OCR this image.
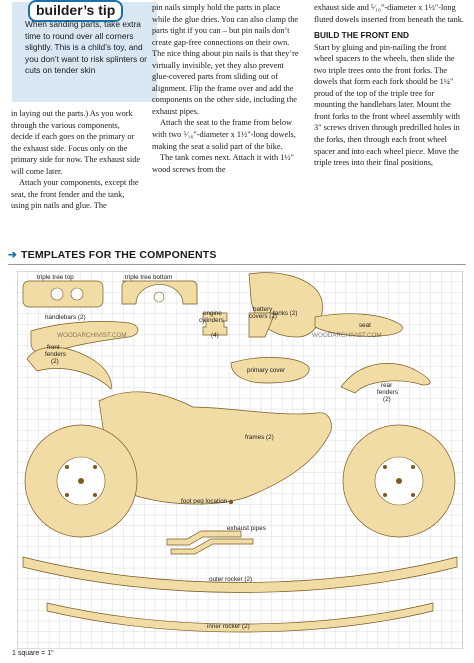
builder’s tip
When sanding parts, take extra time to round over all corners slightly. This is a child’s toy, and you don’t want to risk splinters or cuts on tender skin

in laying out the parts.) As you work through the various components, decide if each goes on the primary or the exhaust side. Focus only on the primary side for now. The exhaust side will come later.

Attach your components, except the seat, the front fender and the tank, using pin nails and glue. The

pin nails simply hold the parts in place while the glue dries. You can also clamp the parts tight if you can – but pin nails don’t create gap-free connections on their own. The nice thing about pin nails is that they’re virtually invisible, yet they also prevent glue-covered parts from sliding out of alignment. Flip the frame over and add the components on the other side, including the exhaust pipes.

Attach the seat to the frame from below with two ⁵⁄₁₆"-diameter x 1½"-long dowels, making the seat a solid part of the bike.

The tank comes next. Attach it with 1½" wood screws from the

exhaust side and ⁵⁄₁₆"-diameter x 1½"-long fluted dowels inserted from beneath the tank.

BUILD THE FRONT END

Start by gluing and pin-nailing the front wheel spacers to the wheels, then slide the two triple trees onto the front forks. The dowels that form each fork should be 1¼" proud of the top of the triple tree for mounting the handlebars later. Mount the front forks to the front wheel assembly with 3" screws driven through predrilled holes in the forks, then through each front wheel spacer and into each wheel piece. Move the triple trees into their final positions,

➔ TEMPLATES FOR THE COMPONENTS
WOODARCHIVIST.COM	WOODARCHIVIST.COM
triple tree top	triple tree bottom
tanks (2)
handlebars (2)
engine
cylinders
(4)
battery
covers (2)
seat
primary cover
front
fenders
(2)
rear
fenders
(2)
frames (2)
foot peg location
exhaust pipes
outer rocker (2)
inner rocker (2)
1 square = 1"
